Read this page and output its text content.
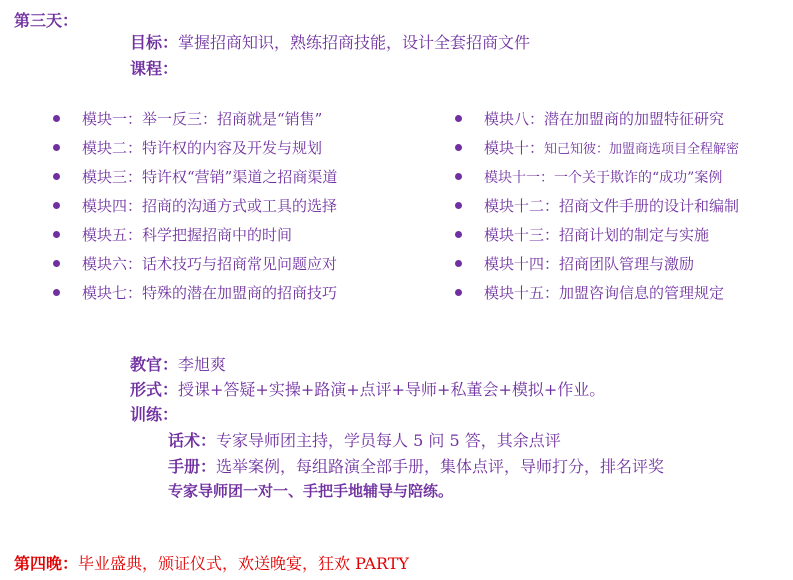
第三天：
目标：掌握招商知识，熟练招商技能，设计全套招商文件
课程：
模块一：举一反三：招商就是“销售”
模块二：特许权的内容及开发与规划
模块三：特许权“营销”渠道之招商渠道
模块四：招商的沟通方式或工具的选择
模块五：科学把握招商中的时间
模块六：话术技巧与招商常见问题应对
模块七：特殊的潜在加盟商的招商技巧
模块八：潜在加盟商的加盟特征研究
模块十： 知己知彼：加盟商选项目全程解密
模块十一：一个关于欺诈的“成功”案例
模块十二：招商文件手册的设计和编制
模块十三：招商计划的制定与实施
模块十四：招商团队管理与激励
模块十五：加盟咨询信息的管理规定
教官：李旭爽
形式：授课+答疑+实操+路演+点评+导师+私董会+模拟+作业。
训练：
话术：专家导师团主持，学员每人 5 问 5 答，其余点评
手册：选举案例，每组路演全部手册，集体点评，导师打分，排名评奖
专家导师团一对一、手把手地辅导与陪练。
第四晚：毕业盛典，颁证仪式，欢送晚宴，狂欢 PARTY
